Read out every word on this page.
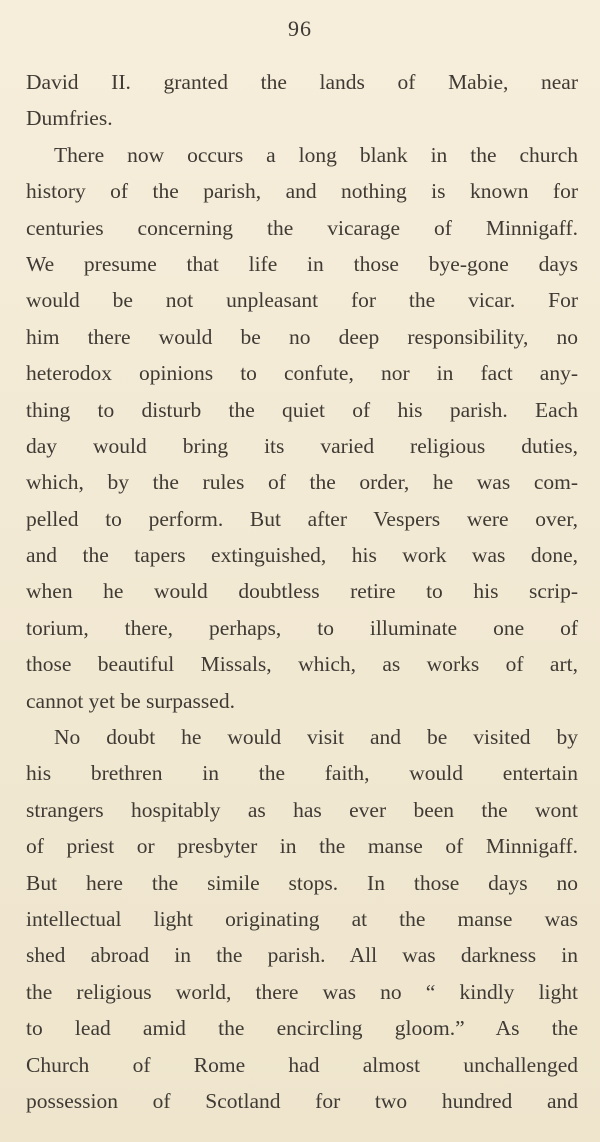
96
David II. granted the lands of Mabie, near
Dumfries.
There now occurs a long blank in the church
history of the parish, and nothing is known for
centuries concerning the vicarage of Minnigaff.
We presume that life in those bye-gone days
would be not unpleasant for the vicar. For
him there would be no deep responsibility, no
heterodox opinions to confute, nor in fact any-
thing to disturb the quiet of his parish. Each
day would bring its varied religious duties,
which, by the rules of the order, he was com-
pelled to perform. But after Vespers were over,
and the tapers extinguished, his work was done,
when he would doubtless retire to his scrip-
torium, there, perhaps, to illuminate one of
those beautiful Missals, which, as works of art,
cannot yet be surpassed.
No doubt he would visit and be visited by
his brethren in the faith, would entertain
strangers hospitably as has ever been the wont
of priest or presbyter in the manse of Minnigaff.
But here the simile stops. In those days no
intellectual light originating at the manse was
shed abroad in the parish. All was darkness in
the religious world, there was no “ kindly light
to lead amid the encircling gloom.” As the
Church of Rome had almost unchallenged
possession of Scotland for two hundred and
